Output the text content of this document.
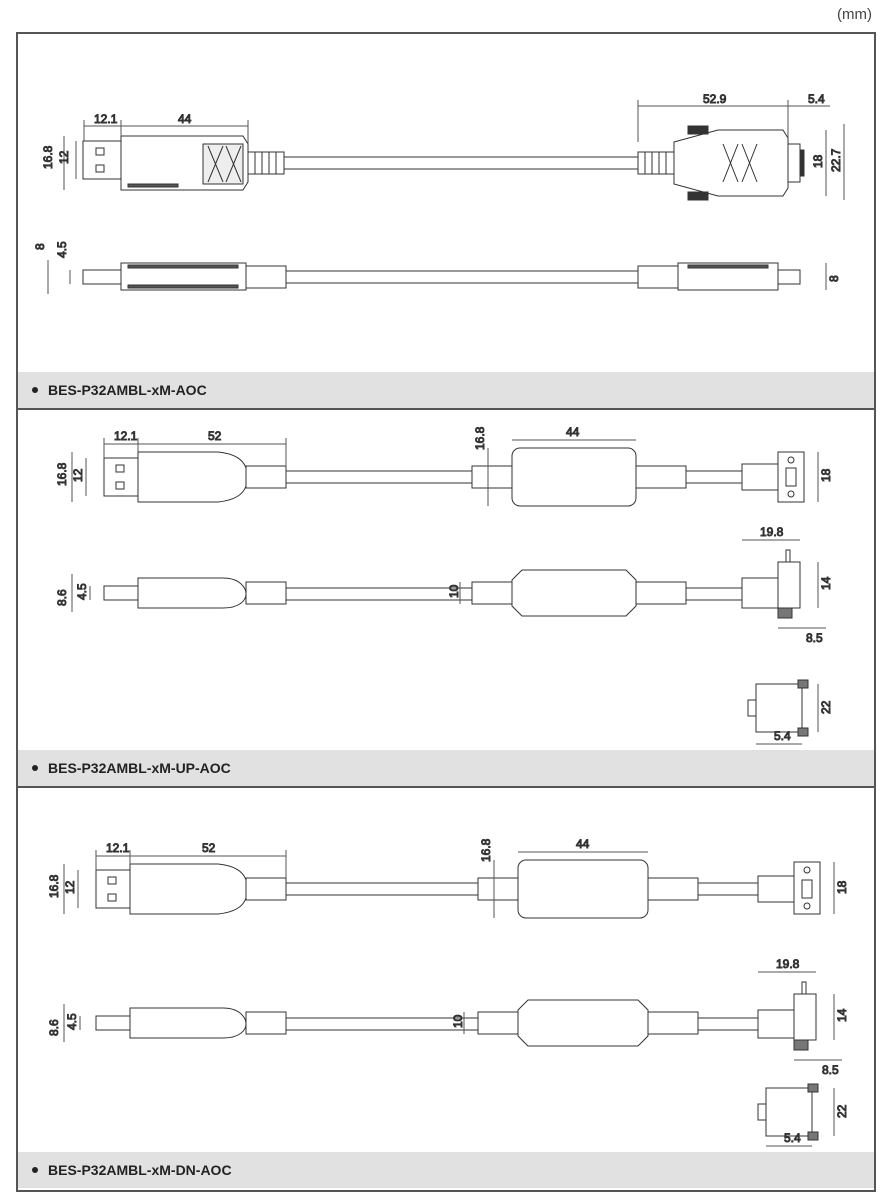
(mm)
12.1	44
16.8 12
52.9	5.4
18 22.7
8 4.5
8
BES-P32AMBL-xM-AOC
12.1	52
16.8 12
16.8	44
18
8.6 4.5	10
19.8
14
8.5
22
5.4
BES-P32AMBL-xM-UP-AOC
12.1	52
16.8 12
16.8	44
18
8.6 4.5	10
19.8
14
8.5
22
5.4
BES-P32AMBL-xM-DN-AOC
